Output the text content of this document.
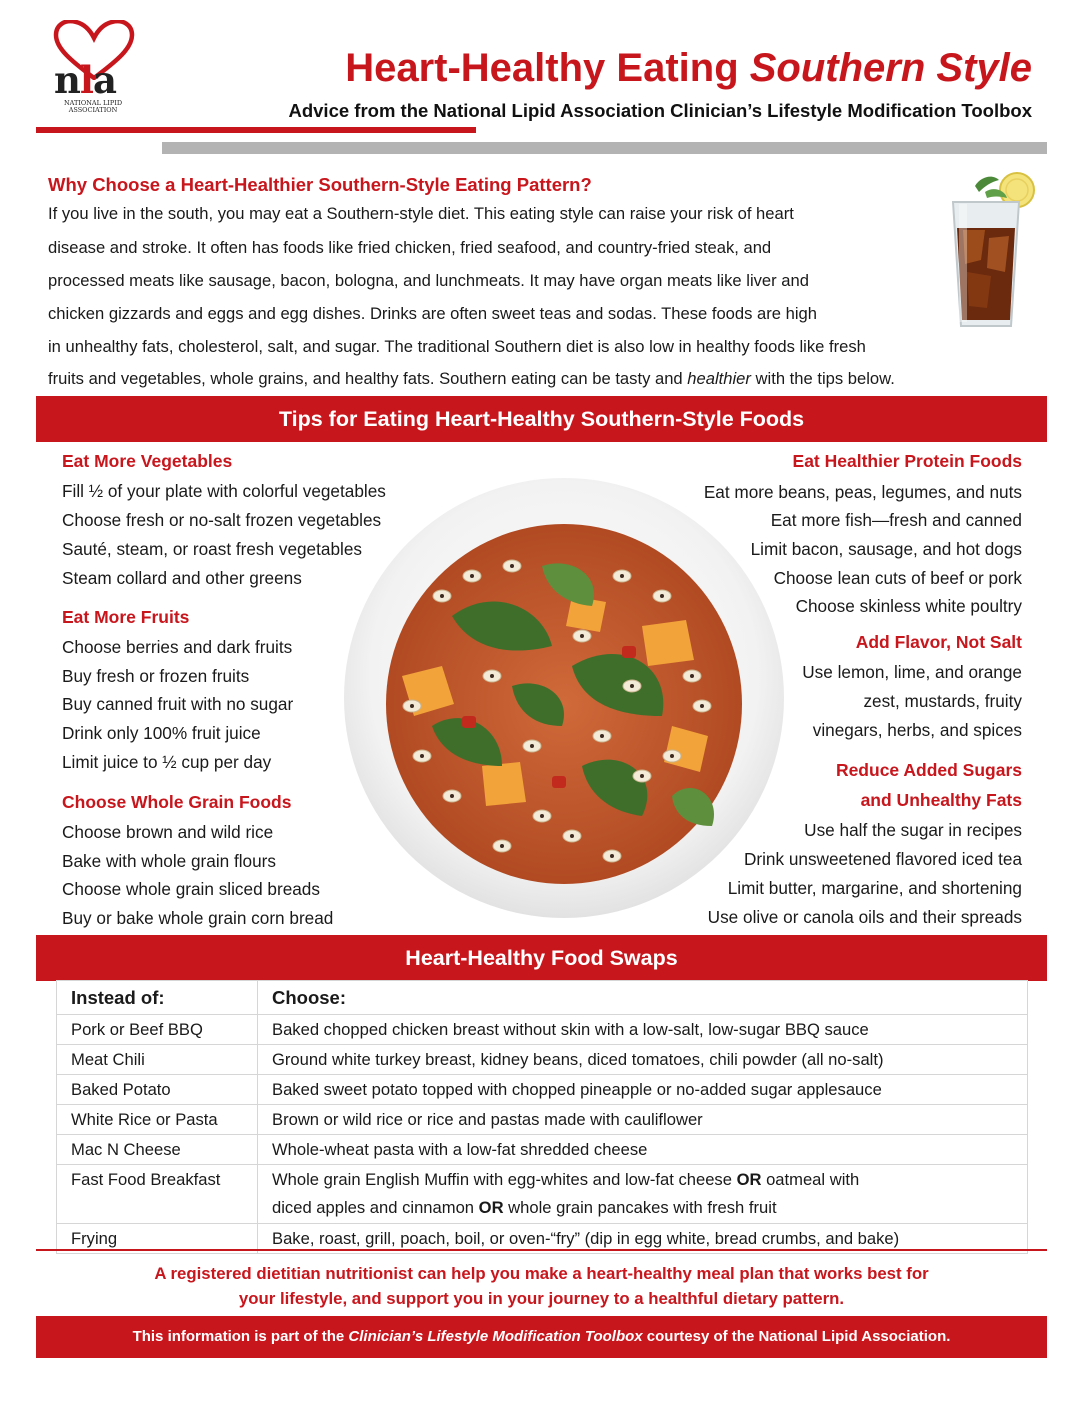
nla
NATIONAL LIPID
ASSOCIATION
Heart-Healthy Eating Southern Style
Advice from the National Lipid Association Clinician’s Lifestyle Modification Toolbox
Why Choose a Heart-Healthier Southern-Style Eating Pattern?
If you live in the south, you may eat a Southern-style diet. This eating style can raise your risk of heart
disease and stroke. It often has foods like fried chicken, fried seafood, and country-fried steak, and
processed meats like sausage, bacon, bologna, and lunchmeats. It may have organ meats like liver and
chicken gizzards and eggs and egg dishes. Drinks are often sweet teas and sodas. These foods are high
in unhealthy fats, cholesterol, salt, and sugar. The traditional Southern diet is also low in healthy foods like fresh
fruits and vegetables, whole grains, and healthy fats. Southern eating can be tasty and healthier with the tips below.
Tips for Eating Heart-Healthy Southern-Style Foods
Eat More Vegetables
Fill ½ of your plate with colorful vegetables
Choose fresh or no-salt frozen vegetables
Sauté, steam, or roast fresh vegetables
Steam collard and other greens
Eat More Fruits
Choose berries and dark fruits
Buy fresh or frozen fruits
Buy canned fruit with no sugar
Drink only 100% fruit juice
Limit juice to ½ cup per day
Choose Whole Grain Foods
Choose brown and wild rice
Bake with whole grain flours
Choose whole grain sliced breads
Buy or bake whole grain corn bread
Eat Healthier Protein Foods
Eat more beans, peas, legumes, and nuts
Eat more fish—fresh and canned
Limit bacon, sausage, and hot dogs
Choose lean cuts of beef or pork
Choose skinless white poultry
Add Flavor, Not Salt
Use lemon, lime, and orange
zest, mustards, fruity
vinegars, herbs, and spices
Reduce Added Sugars
and Unhealthy Fats
Use half the sugar in recipes
Drink unsweetened flavored iced tea
Limit butter, margarine, and shortening
Use olive or canola oils and their spreads
Heart-Healthy Food Swaps
Instead of:	Choose:
Pork or Beef BBQ	Baked chopped chicken breast without skin with a low-salt, low-sugar BBQ sauce
Meat Chili	Ground white turkey breast, kidney beans, diced tomatoes, chili powder (all no-salt)
Baked Potato	Baked sweet potato topped with chopped pineapple or no-added sugar applesauce
White Rice or Pasta	Brown or wild rice or rice and pastas made with cauliflower
Mac N Cheese	Whole-wheat pasta with a low-fat shredded cheese
Fast Food Breakfast	Whole grain English Muffin with egg-whites and low-fat cheese OR oatmeal with
diced apples and cinnamon OR whole grain pancakes with fresh fruit
Frying	Bake, roast, grill, poach, boil, or oven-“fry” (dip in egg white, bread crumbs, and bake)
A registered dietitian nutritionist can help you make a heart-healthy meal plan that works best for
your lifestyle, and support you in your journey to a healthful dietary pattern.
This information is part of the Clinician’s Lifestyle Modification Toolbox courtesy of the National Lipid Association.
